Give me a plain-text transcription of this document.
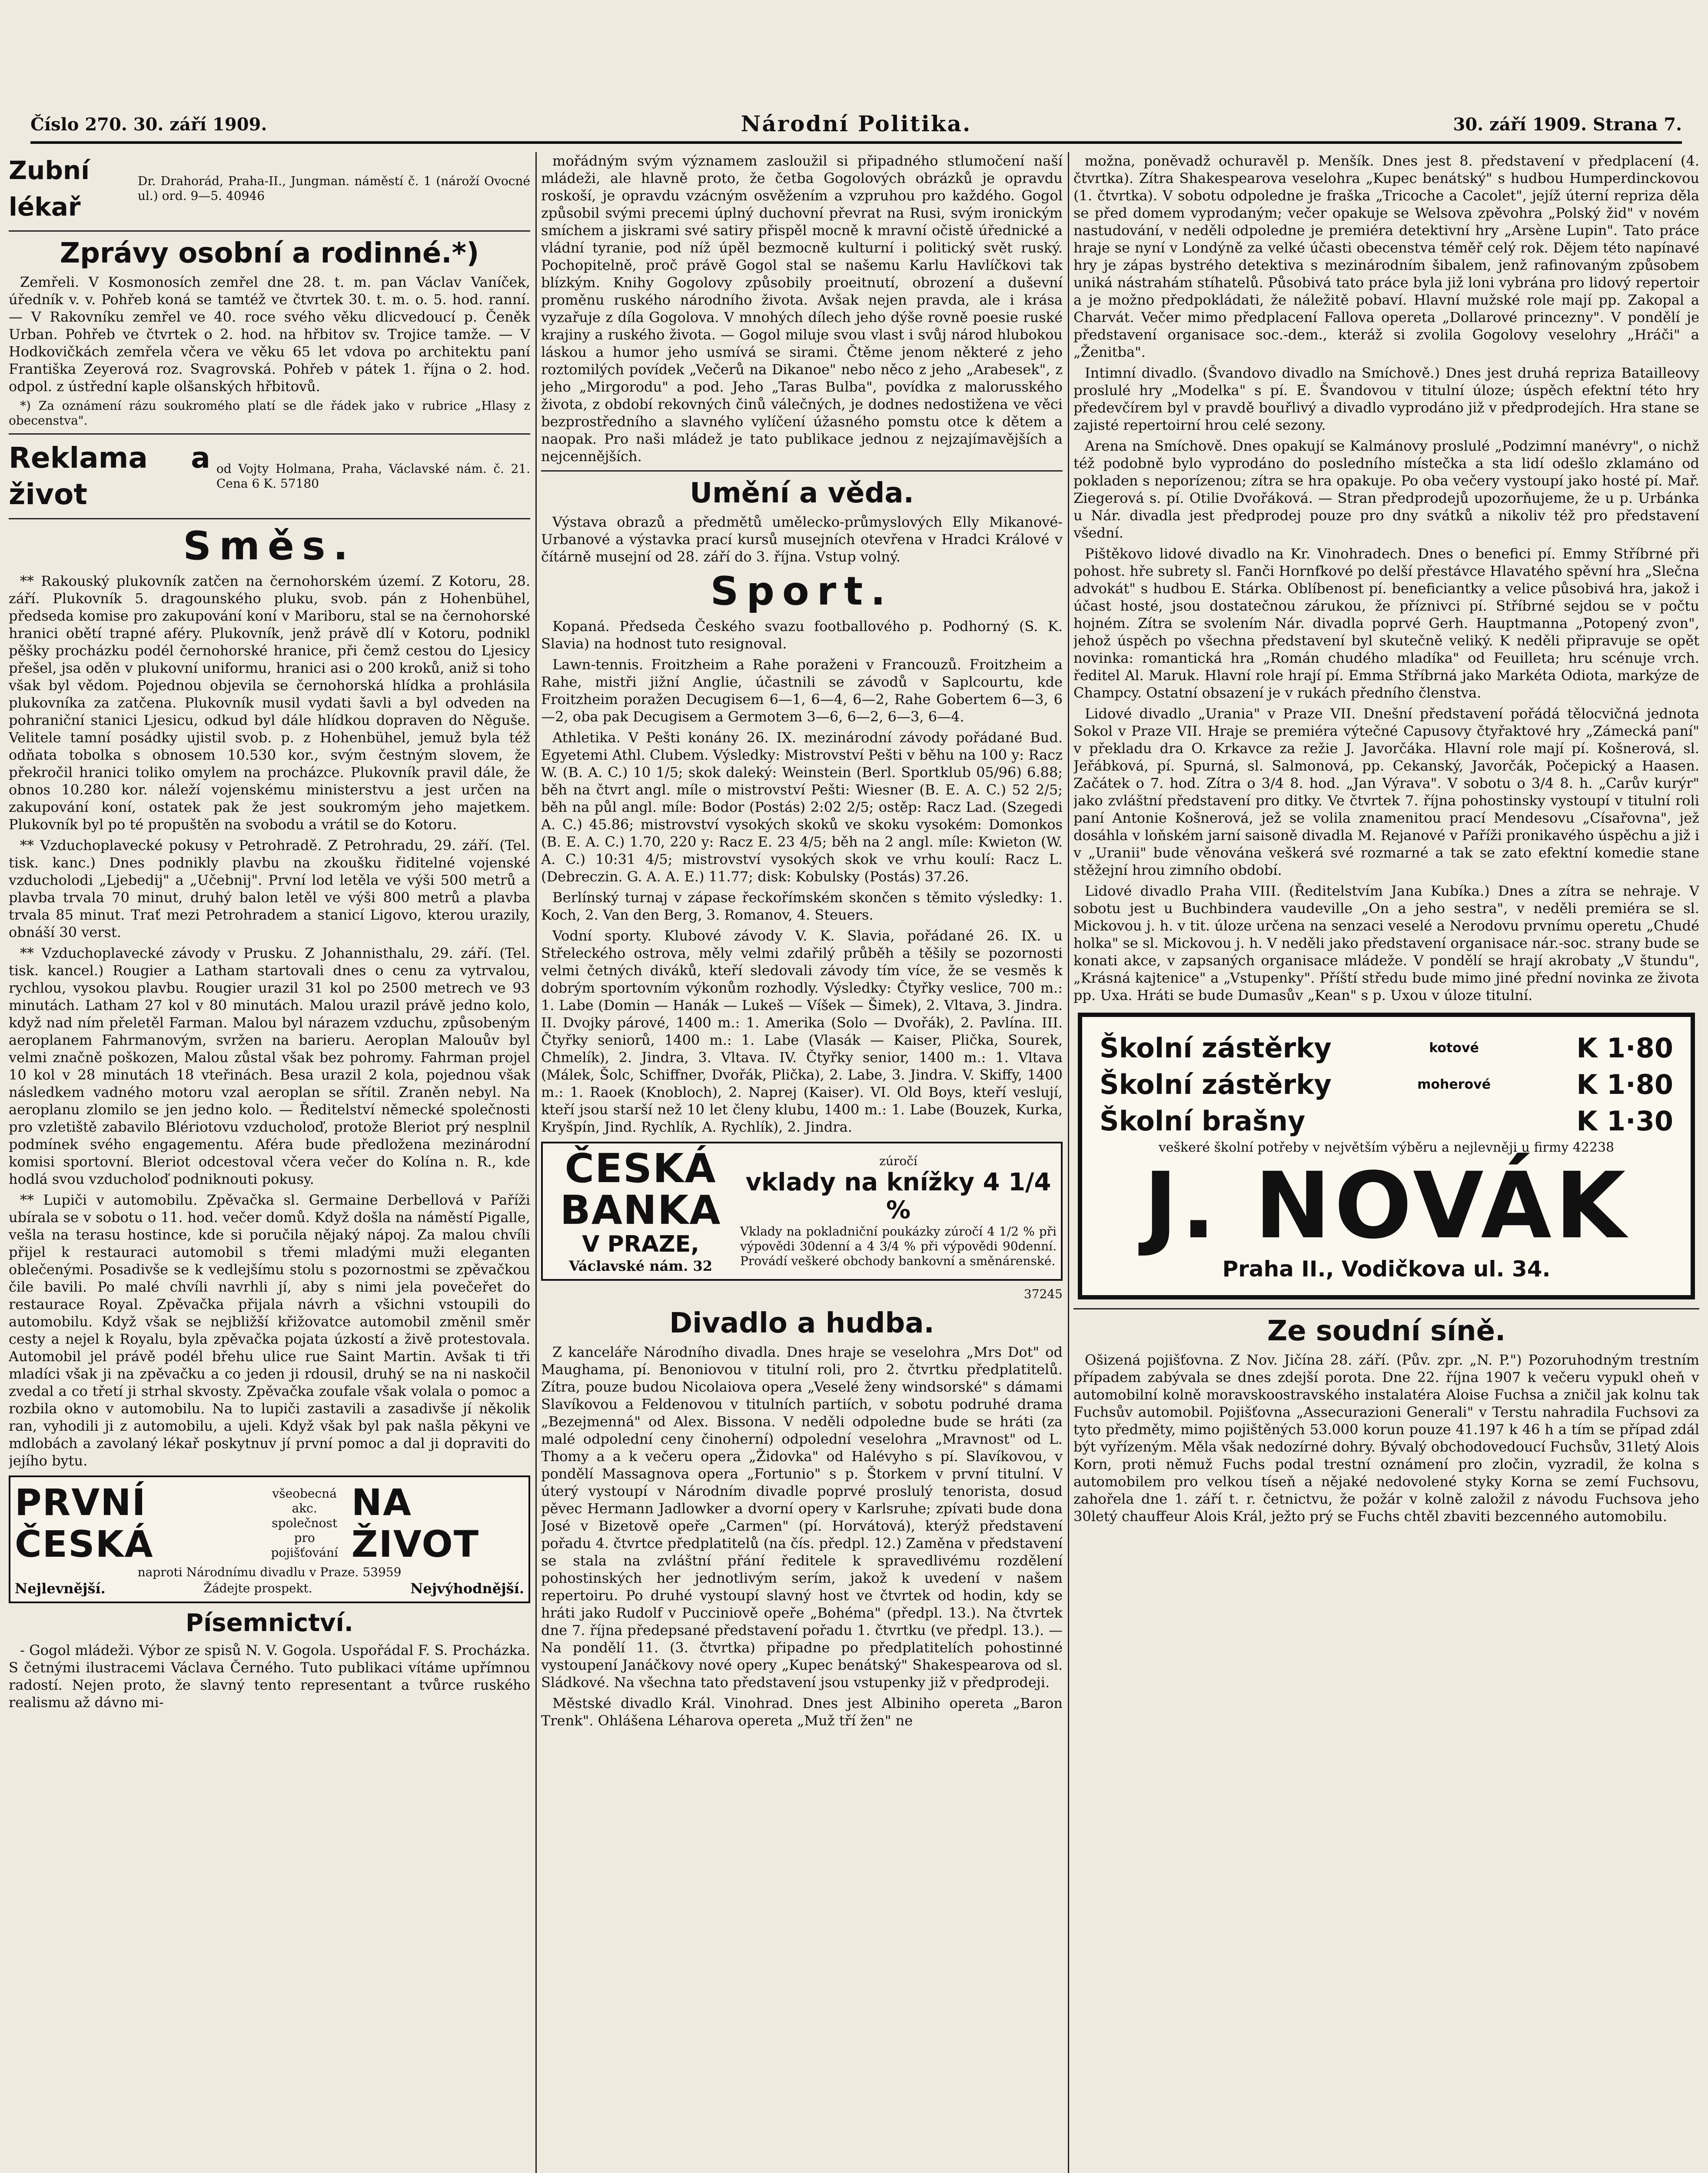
Číslo 270. 30. září 1909.	Národní Politika.	30. září 1909. Strana 7.
Zubní lékař
Dr. Drahorád, Praha-II., Jungman. náměstí č. 1 (nároží Ovocné ul.) ord. 9—5. 40946
Zprávy osobní a rodinné.*)

Zemřeli. V Kosmonosích zemřel dne 28. t. m. pan Václav Vaníček, úředník v. v. Pohřeb koná se tamtéž ve čtvrtek 30. t. m. o. 5. hod. ranní. — V Rakovníku zemřel ve 40. roce svého věku dlicvedoucí p. Čeněk Urban. Pohřeb ve čtvrtek o 2. hod. na hřbitov sv. Trojice tamže. — V Hodkovičkách zemřela včera ve věku 65 let vdova po architektu paní Františka Zeyerová roz. Svagrovská. Pohřeb v pátek 1. října o 2. hod. odpol. z ústřední kaple olšanských hřbitovů.

*) Za oznámení rázu soukromého platí se dle řádek jako v rubrice „Hlasy z obecenstva".

Reklama a život
od Vojty Holmana, Praha, Václavské nám. č. 21. Cena 6 K. 57180
Směs.

** Rakouský plukovník zatčen na černohorském území. Z Kotoru, 28. září. Plukovník 5. dragounského pluku, svob. pán z Hohenbühel, předseda komise pro zakupování koní v Mariboru, stal se na černohorské hranici obětí trapné aféry. Plukovník, jenž právě dlí v Kotoru, podnikl pěšky procházku podél černohorské hranice, při čemž cestou do Ljesicy přešel, jsa oděn v plukovní uniformu, hranici asi o 200 kroků, aniž si toho však byl vědom. Pojednou objevila se černohorská hlídka a prohlásila plukovníka za zatčena. Plukovník musil vydati šavli a byl odveden na pohraniční stanici Ljesicu, odkud byl dále hlídkou dopraven do Něguše. Velitele tamní posádky ujistil svob. p. z Hohenbühel, jemuž byla též odňata tobolka s obnosem 10.530 kor., svým čestným slovem, že překročil hranici toliko omylem na procházce. Plukovník pravil dále, že obnos 10.280 kor. náleží vojenskému ministerstvu a jest určen na zakupování koní, ostatek pak že jest soukromým jeho majetkem. Plukovník byl po té propuštěn na svobodu a vrátil se do Kotoru.

** Vzduchoplavecké pokusy v Petrohradě. Z Petrohradu, 29. září. (Tel. tisk. kanc.) Dnes podnikly plavbu na zkoušku řiditelné vojenské vzducholodi „Ljebedij" a „Učebnij". První lod letěla ve výši 500 metrů a plavba trvala 70 minut, druhý balon letěl ve výši 800 metrů a plavba trvala 85 minut. Trať mezi Petrohradem a stanicí Ligovo, kterou urazily, obnáší 30 verst.

** Vzduchoplavecké závody v Prusku. Z Johannisthalu, 29. září. (Tel. tisk. kancel.) Rougier a Latham startovali dnes o cenu za vytrvalou, rychlou, vysokou plavbu. Rougier urazil 31 kol po 2500 metrech ve 93 minutách. Latham 27 kol v 80 minutách. Malou urazil právě jedno kolo, když nad ním přeletěl Farman. Malou byl nárazem vzduchu, způsobeným aeroplanem Fahrmanovým, svržen na barieru. Aeroplan Malouův byl velmi značně poškozen, Malou zůstal však bez pohromy. Fahrman projel 10 kol v 28 minutách 18 vteřinách. Besa urazil 2 kola, pojednou však následkem vadného motoru vzal aeroplan se sřítil. Zraněn nebyl. Na aeroplanu zlomilo se jen jedno kolo. — Ředitelství německé společnosti pro vzletiště zabavilo Blériotovu vzducholoď, protože Bleriot prý nesplnil podmínek svého engagementu. Aféra bude předložena mezinárodní komisi sportovní. Bleriot odcestoval včera večer do Kolína n. R., kde hodlá svou vzducholoď podniknouti pokusy.

** Lupiči v automobilu. Zpěvačka sl. Germaine Derbellová v Paříži ubírala se v sobotu o 11. hod. večer domů. Když došla na náměstí Pigalle, vešla na terasu hostince, kde si poručila nějaký nápoj. Za malou chvíli přijel k restauraci automobil s třemi mladými muži eleganten oblečenými. Posadivše se k vedlejšímu stolu s pozornostmi se zpěvačkou čile bavili. Po malé chvíli navrhli jí, aby s nimi jela povečeřet do restaurace Royal. Zpěvačka přijala návrh a všichni vstoupili do automobilu. Když však se nejbližší křižovatce automobil změnil směr cesty a nejel k Royalu, byla zpěvačka pojata úzkostí a živě protestovala. Automobil jel právě podél břehu ulice rue Saint Martin. Avšak ti tři mladíci však ji na zpěvačku a co jeden ji rdousil, druhý se na ni naskočil zvedal a co třetí ji strhal skvosty. Zpěvačka zoufale však volala o pomoc a rozbila okno v automobilu. Na to lupiči zastavili a zasadivše jí několik ran, vyhodili ji z automobilu, a ujeli. Když však byl pak našla pěkyni ve mdlobách a zavolaný lékař poskytnuv jí první pomoc a dal ji dopraviti do jejího bytu.

PRVNÍ ČESKÁ
všeobecná akc. společnost pro pojišťování
NA ŽIVOT
naproti Národnímu divadlu v Praze. 53959
Nejlevnější.	Žádejte prospekt.	Nejvýhodnější.
Písemnictví.

- Gogol mládeži. Výbor ze spisů N. V. Gogola. Uspořádal F. S. Procházka. S četnými ilustracemi Václava Černého. Tuto publikaci vítáme upřímnou radostí. Nejen proto, že slavný tento representant a tvůrce ruského realismu až dávno mi-

mořádným svým významem zasloužil si připadného stlumočení naší mládeži, ale hlavně proto, že četba Gogolových obrázků je opravdu roskoší, je opravdu vzácným osvěžením a vzpruhou pro každého. Gogol způsobil svými precemi úplný duchovní převrat na Rusi, svým ironickým smíchem a jiskrami své satiry přispěl mocně k mravní očistě úřednické a vládní tyranie, pod níž úpěl bezmocně kulturní i politický svět ruský. Pochopitelně, proč právě Gogol stal se našemu Karlu Havlíčkovi tak blízkým. Knihy Gogolovy způsobily proeitnutí, obrození a duševní proměnu ruského národního života. Avšak nejen pravda, ale i krása vyzařuje z díla Gogolova. V mnohých dílech jeho dýše rovně poesie ruské krajiny a ruského života. — Gogol miluje svou vlast i svůj národ hlubokou láskou a humor jeho usmívá se sirami. Čtěme jenom některé z jeho roztomilých povídek „Večerů na Dikanoe" nebo něco z jeho „Arabesek", z jeho „Mirgorodu" a pod. Jeho „Taras Bulba", povídka z malorusského života, z období rekovných činů válečných, je dodnes nedostižena ve věci bezprostředního a slavného vylíčení úžasného pomstu otce k dětem a naopak. Pro naši mládež je tato publikace jednou z nejzajímavějších a nejcennějších.

Umění a věda.

Výstava obrazů a předmětů umělecko-průmyslových Elly Mikanové-Urbanové a výstavka prací kursů musejních otevřena v Hradci Králové v čítárně musejní od 28. září do 3. října. Vstup volný.

Sport.

Kopaná. Předseda Českého svazu footballového p. Podhorný (S. K. Slavia) na hodnost tuto resignoval.

Lawn-tennis. Froitzheim a Rahe poraženi v Francouzů. Froitzheim a Rahe, mistři jižní Anglie, účastnili se závodů v Saplcourtu, kde Froitzheim poražen Decugisem 6—1, 6—4, 6—2, Rahe Gobertem 6—3, 6—2, oba pak Decugisem a Germotem 3—6, 6—2, 6—3, 6—4.

Athletika. V Pešti konány 26. IX. mezinárodní závody pořádané Bud. Egyetemi Athl. Clubem. Výsledky: Mistrovství Pešti v běhu na 100 y: Racz W. (B. A. C.) 10 1/5; skok daleký: Weinstein (Berl. Sportklub 05/96) 6.88; běh na čtvrt angl. míle o mistrovství Pešti: Wiesner (B. E. A. C.) 52 2/5; běh na půl angl. míle: Bodor (Postás) 2:02 2/5; ostěp: Racz Lad. (Szegedi A. C.) 45.86; mistrovství vysokých skoků ve skoku vysokém: Domonkos (B. E. A. C.) 1.70, 220 y: Racz E. 23 4/5; běh na 2 angl. míle: Kwieton (W. A. C.) 10:31 4/5; mistrovství vysokých skok ve vrhu koulí: Racz L. (Debreczin. G. A. A. E.) 11.77; disk: Kobulsky (Postás) 37.26.

Berlínský turnaj v zápase řeckořímském skončen s těmito výsledky: 1. Koch, 2. Van den Berg, 3. Romanov, 4. Steuers.

Vodní sporty. Klubové závody V. K. Slavia, pořádané 26. IX. u Střeleckého ostrova, měly velmi zdařilý průběh a těšily se pozornosti velmi četných diváků, kteří sledovali závody tím více, že se vesměs k dobrým sportovním výkonům rozhodly. Výsledky: Čtyřky veslice, 700 m.: 1. Labe (Domin — Hanák — Lukeš — Víšek — Šimek), 2. Vltava, 3. Jindra. II. Dvojky párové, 1400 m.: 1. Amerika (Solo — Dvořák), 2. Pavlína. III. Čtyřky seniorů, 1400 m.: 1. Labe (Vlasák — Kaiser, Plička, Sourek, Chmelík), 2. Jindra, 3. Vltava. IV. Čtyřky senior, 1400 m.: 1. Vltava (Málek, Šolc, Schiffner, Dvořák, Plička), 2. Labe, 3. Jindra. V. Skiffy, 1400 m.: 1. Raoek (Knobloch), 2. Naprej (Kaiser). VI. Old Boys, kteří veslují, kteří jsou starší než 10 let členy klubu, 1400 m.: 1. Labe (Bouzek, Kurka, Kryšpín, Jind. Rychlík, A. Rychlík), 2. Jindra.

ČESKÁ
BANKA
V PRAZE,
Václavské nám. 32
zúročí
vklady na knížky 4 1/4 %
Vklady na pokladniční poukázky zúročí 4 1/2 % při výpovědi 30denní a 4 3/4 % při výpovědi 90denní. Provádí veškeré obchody bankovní a směnárenské.
37245
Divadlo a hudba.

Z kanceláře Národního divadla. Dnes hraje se veselohra „Mrs Dot" od Maughama, pí. Benoniovou v titulní roli, pro 2. čtvrtku předplatitelů. Zítra, pouze budou Nicolaiova opera „Veselé ženy windsorské" s dámami Slavíkovou a Feldenovou v titulních partiích, v sobotu podruhé drama „Bezejmenná" od Alex. Bissona. V neděli odpoledne bude se hráti (za malé odpolední ceny činoherní) odpolední veselohra „Mravnost" od L. Thomy a a k večeru opera „Židovka" od Halévyho s pí. Slavíkovou, v pondělí Massagnova opera „Fortunio" s p. Štorkem v první titulní. V úterý vystoupí v Národním divadle poprvé proslulý tenorista, dosud pěvec Hermann Jadlowker a dvorní opery v Karlsruhe; zpívati bude dona José v Bizetově opeře „Carmen" (pí. Horvátová), kterýž představení pořadu 4. čtvrtce předplatitelů (na čís. předpl. 12.) Zaměna v představení se stala na zvláštní přání ředitele k spravedlivému rozdělení pohostinských her jednotlivým serím, jakož k uvedení v našem repertoiru. Po druhé vystoupí slavný host ve čtvrtek od hodin, kdy se hráti jako Rudolf v Pucciniově opeře „Bohéma" (předpl. 13.). Na čtvrtek dne 7. října předepsané představení pořadu 1. čtvrtku (ve předpl. 13.). — Na pondělí 11. (3. čtvrtka) připadne po předplatitelích pohostinné vystoupení Janáčkovy nové opery „Kupec benátský" Shakespearova od sl. Sládkové. Na všechna tato představení jsou vstupenky již v předprodeji.

Městské divadlo Král. Vinohrad. Dnes jest Albiniho opereta „Baron Trenk". Ohlášena Léharova opereta „Muž tří žen" ne

možna, poněvadž ochuravěl p. Menšík. Dnes jest 8. představení v předplacení (4. čtvrtka). Zítra Shakespearova veselohra „Kupec benátský" s hudbou Humperdinckovou (1. čtvrtka). V sobotu odpoledne je fraška „Tricoche a Cacolet", jejíž úterní repriza děla se před domem vyprodaným; večer opakuje se Welsova zpěvohra „Polský žid" v novém nastudování, v neděli odpoledne je premiéra detektivní hry „Arsène Lupin". Tato práce hraje se nyní v Londýně za velké účasti obecenstva téměř celý rok. Dějem této napínavé hry je zápas bystrého detektiva s mezinárodním šibalem, jenž rafinovaným způsobem uniká nástrahám stíhatelů. Působivá tato práce byla již loni vybrána pro lidový repertoir a je možno předpokládati, že náležitě pobaví. Hlavní mužské role mají pp. Zakopal a Charvát. Večer mimo předplacení Fallova opereta „Dollarové princezny". V pondělí je představení organisace soc.-dem., kteráž si zvolila Gogolovy veselohry „Hráči" a „Ženitba".

Intimní divadlo. (Švandovo divadlo na Smíchově.) Dnes jest druhá repriza Batailleovy proslulé hry „Modelka" s pí. E. Švandovou v titulní úloze; úspěch efektní této hry předevčírem byl v pravdě bouřlivý a divadlo vyprodáno již v předprodejích. Hra stane se zajisté repertoirní hrou celé sezony.

Arena na Smíchově. Dnes opakují se Kalmánovy proslulé „Podzimní manévry", o nichž též podobně bylo vyprodáno do posledního místečka a sta lidí odešlo zklamáno od pokladen s neporízenou; zítra se hra opakuje. Po oba večery vystoupí jako hosté pí. Mař. Ziegerová s. pí. Otilie Dvořáková. — Stran předprodejů upozorňujeme, že u p. Urbánka u Nár. divadla jest předprodej pouze pro dny svátků a nikoliv též pro představení všední.

Pištěkovo lidové divadlo na Kr. Vinohradech. Dnes o benefici pí. Emmy Stříbrné při pohost. hře subrety sl. Fanči Hornfkové po delší přestávce Hlavatého spěvní hra „Slečna advokát" s hudbou E. Stárka. Oblíbenost pí. beneficiantky a velice působivá hra, jakož i účast hosté, jsou dostatečnou zárukou, že příznivci pí. Stříbrné sejdou se v počtu hojném. Zítra se svolením Nár. divadla poprvé Gerh. Hauptmanna „Potopený zvon", jehož úspěch po všechna představení byl skutečně veliký. K neděli připravuje se opět novinka: romantická hra „Román chudého mladíka" od Feuilleta; hru scénuje vrch. ředitel Al. Maruk. Hlavní role hrají pí. Emma Stříbrná jako Markéta Odiota, markýze de Champcy. Ostatní obsazení je v rukách předního členstva.

Lidové divadlo „Urania" v Praze VII. Dnešní představení pořádá tělocvičná jednota Sokol v Praze VII. Hraje se premiéra výtečné Capusovy čtyřaktové hry „Zámecká paní" v překladu dra O. Krkavce za režie J. Javorčáka. Hlavní role mají pí. Košnerová, sl. Jeřábková, pí. Spurná, sl. Salmonová, pp. Cekanský, Javorčák, Počepický a Haasen. Začátek o 7. hod. Zítra o 3/4 8. hod. „Jan Výrava". V sobotu o 3/4 8. h. „Carův kurýr" jako zvláštní představení pro ditky. Ve čtvrtek 7. října pohostinsky vystoupí v titulní roli paní Antonie Košnerová, jež se volila znamenitou prací Mendesovu „Císařovna", jež dosáhla v loňském jarní saisoně divadla M. Rejanové v Paříži pronikavého úspěchu a již i v „Uranii" bude věnována veškerá své rozmarné a tak se zato efektní komedie stane stěžejní hrou zimního období.

Lidové divadlo Praha VIII. (Ředitelstvím Jana Kubíka.) Dnes a zítra se nehraje. V sobotu jest u Buchbindera vaudeville „On a jeho sestra", v neděli premiéra se sl. Mickovou j. h. v tit. úloze určena na senzaci veselé a Nerodovu prvnímu operetu „Chudé holka" se sl. Mickovou j. h. V neděli jako představení organisace nár.-soc. strany bude se konati akce, v zapsaných organisace mládeže. V pondělí se hrají akrobaty „V štundu", „Krásná kajtenice" a „Vstupenky". Příští středu bude mimo jiné přední novinka ze života pp. Uxa. Hráti se bude Dumasův „Kean" s p. Uxou v úloze titulní.

Školní zástěrky	kotové	K 1·80
Školní zástěrky	moherové	K 1·80
Školní brašny	K 1·30
veškeré školní potřeby v největším výběru a nejlevněji u firmy 42238
J. NOVÁK
Praha II., Vodičkova ul. 34.
Ze soudní síně.

Ošizená pojišťovna. Z Nov. Jičína 28. září. (Pův. zpr. „N. P.") Pozoruhodným trestním případem zabývala se dnes zdejší porota. Dne 22. října 1907 k večeru vypukl oheň v automobilní kolně moravskoostravského instalatéra Aloise Fuchsa a zničil jak kolnu tak Fuchsův automobil. Pojišťovna „Assecurazioni Generali" v Terstu nahradila Fuchsovi za tyto předměty, mimo pojištěných 53.000 korun pouze 41.197 k 46 h a tím se případ zdál být vyřízeným. Měla však nedozírné dohry. Bývalý obchodovedoucí Fuchsův, 31letý Alois Korn, proti němuž Fuchs podal trestní oznámení pro zločin, vyzradil, že kolna s automobilem pro velkou tíseň a nějaké nedovolené styky Korna se zemí Fuchsovu, zahořela dne 1. září t. r. četnictvu, že požár v kolně založil z návodu Fuchsova jeho 30letý chauffeur Alois Král, ježto prý se Fuchs chtěl zbaviti bezcenného automobilu.
